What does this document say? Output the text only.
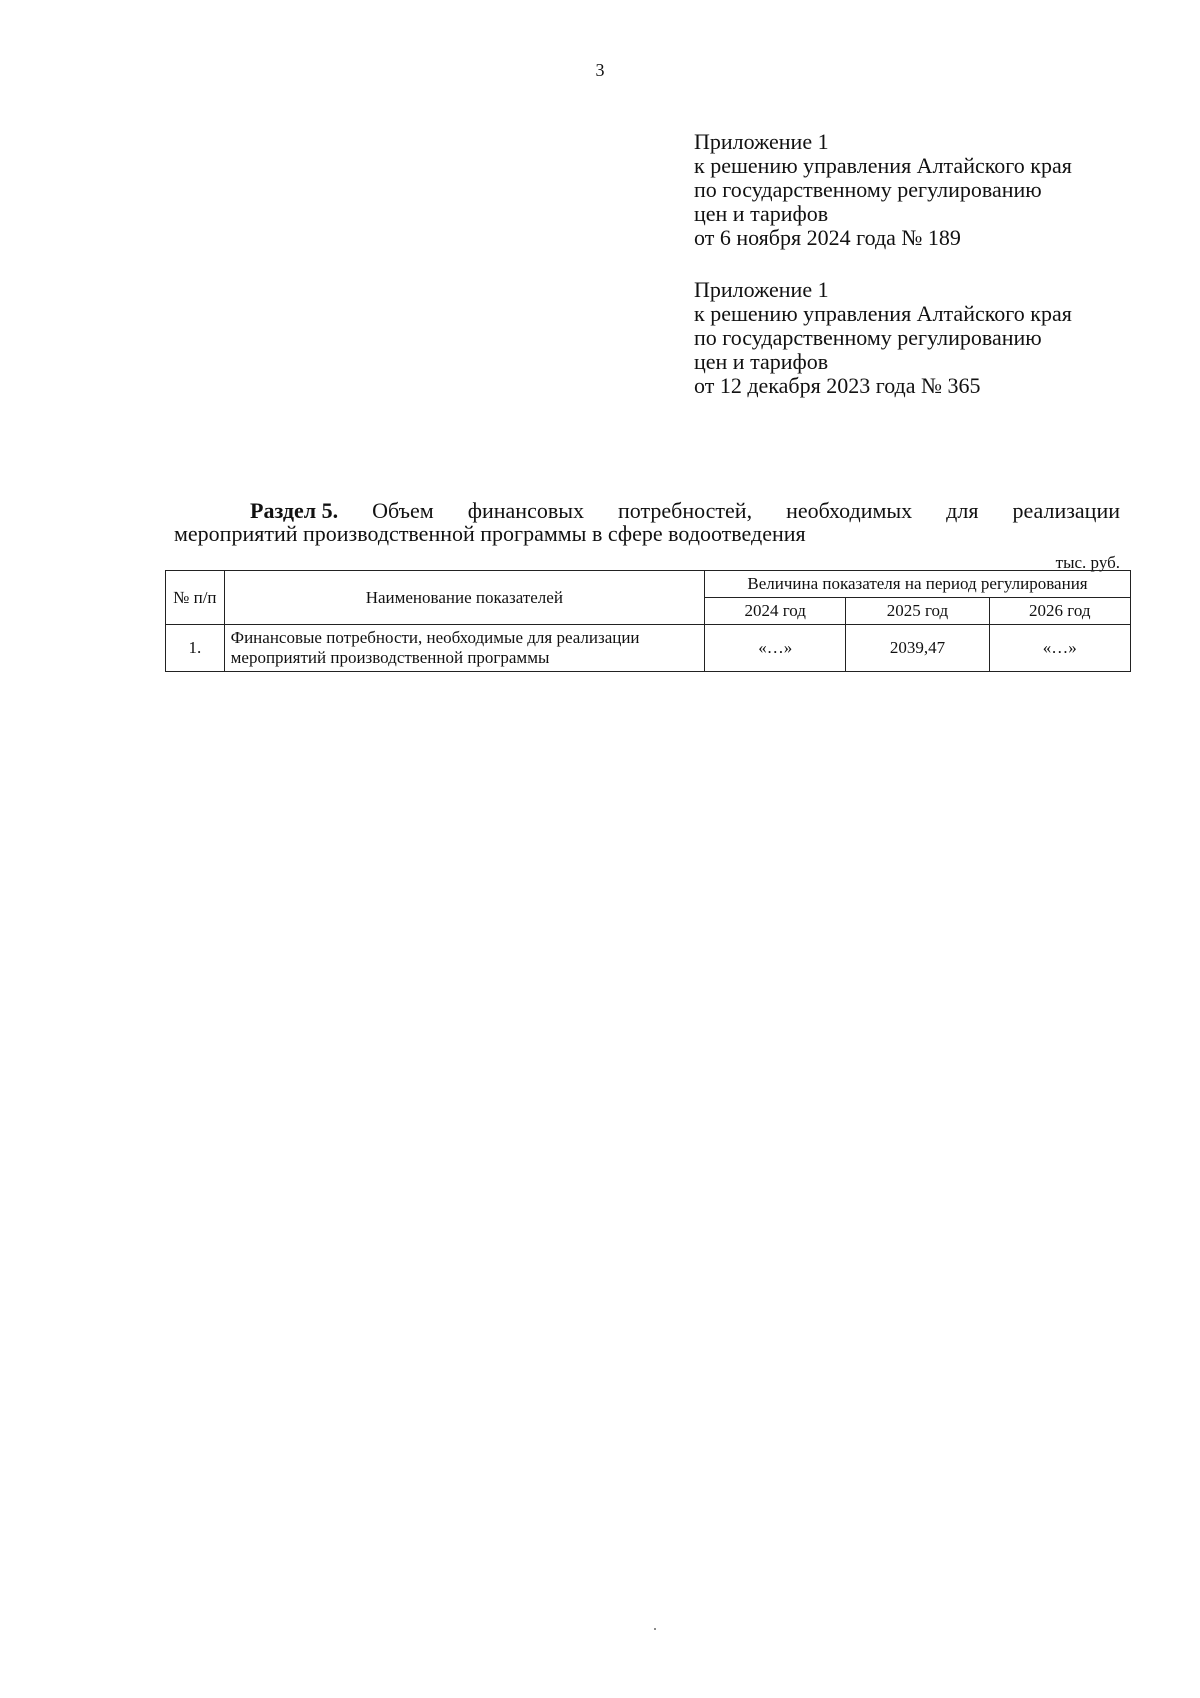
3
Приложение 1
к решению управления Алтайского края
по государственному регулированию
цен и тарифов
от 6 ноября 2024 года № 189
Приложение 1
к решению управления Алтайского края
по государственному регулированию
цен и тарифов
от 12 декабря 2023 года № 365
Раздел 5. Объем финансовых потребностей, необходимых для реализации
мероприятий производственной программы в сфере водоотведения
тыс. руб.
№ п/п	Наименование показателей	Величина показателя на период регулирования		
		2024 год	2025 год	2026 год
1.	Финансовые потребности, необходимые для реализации мероприятий производственной программы	«…»	2039,47	«…»
